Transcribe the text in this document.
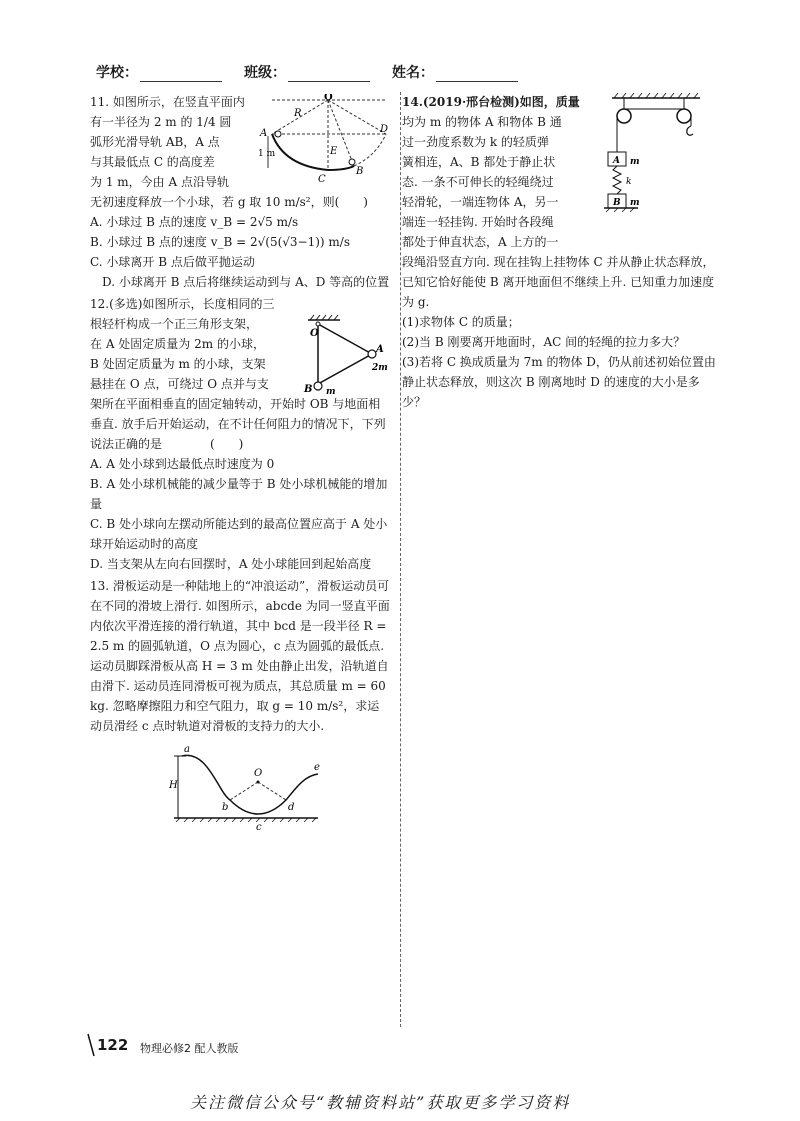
学校：	班级：	姓名：

11. 如图所示，在竖直平面内

有一半径为 2 m 的 1/4 圆

弧形光滑导轨 AB，A 点

与其最低点 C 的高度差

为 1 m，今由 A 点沿导轨

无初速度释放一个小球，若 g 取 10 m/s²，则(　　)

A. 小球过 B 点的速度 v_B = 2√5 m/s

B. 小球过 B 点的速度 v_B = 2√(5(√3−1)) m/s

C. 小球离开 B 点后做平抛运动

D. 小球离开 B 点后将继续运动到与 A、D 等高的位置

12.(多选)如图所示，长度相同的三

根轻杆构成一个正三角形支架，

在 A 处固定质量为 2m 的小球，

B 处固定质量为 m 的小球，支架

悬挂在 O 点，可绕过 O 点并与支

架所在平面相垂直的固定轴转动，开始时 OB 与地面相垂直. 放手后开始运动，在不计任何阻力的情况下，下列说法正确的是　　　　(　　)

A. A 处小球到达最低点时速度为 0

B. A 处小球机械能的减少量等于 B 处小球机械能的增加量

C. B 处小球向左摆动所能达到的最高位置应高于 A 处小球开始运动时的高度

D. 当支架从左向右回摆时，A 处小球能回到起始高度

13. 滑板运动是一种陆地上的“冲浪运动”，滑板运动员可在不同的滑坡上滑行. 如图所示，abcde 为同一竖直平面内依次平滑连接的滑行轨道，其中 bcd 是一段半径 R = 2.5 m 的圆弧轨道，O 点为圆心，c 点为圆弧的最低点. 运动员脚踩滑板从高 H = 3 m 处由静止出发，沿轨道自由滑下. 运动员连同滑板可视为质点，其总质量 m = 60 kg. 忽略摩擦阻力和空气阻力，取 g = 10 m/s²，求运动员滑经 c 点时轨道对滑板的支持力的大小.

O
R
A
B
C
D
E
1 m
O
A
2m
B m
a
H
b
c
d
e
O

14.(2019·邢台检测)如图，质量

均为 m 的物体 A 和物体 B 通

过一劲度系数为 k 的轻质弹

簧相连，A、B 都处于静止状

态. 一条不可伸长的轻绳绕过

轻滑轮，一端连物体 A，另一

端连一轻挂钩. 开始时各段绳

都处于伸直状态，A 上方的一

段绳沿竖直方向. 现在挂钩上挂物体 C 并从静止状态释放，已知它恰好能使 B 离开地面但不继续上升. 已知重力加速度为 g.

(1)求物体 C 的质量；

(2)当 B 刚要离开地面时，AC 间的轻绳的拉力多大？

(3)若将 C 换成质量为 7m 的物体 D，仍从前述初始位置由静止状态释放，则这次 B 刚离地时 D 的速度的大小是多少？

A m
k
B m
122 物理必修2 配人教版
关注微信公众号“教辅资料站”获取更多学习资料
